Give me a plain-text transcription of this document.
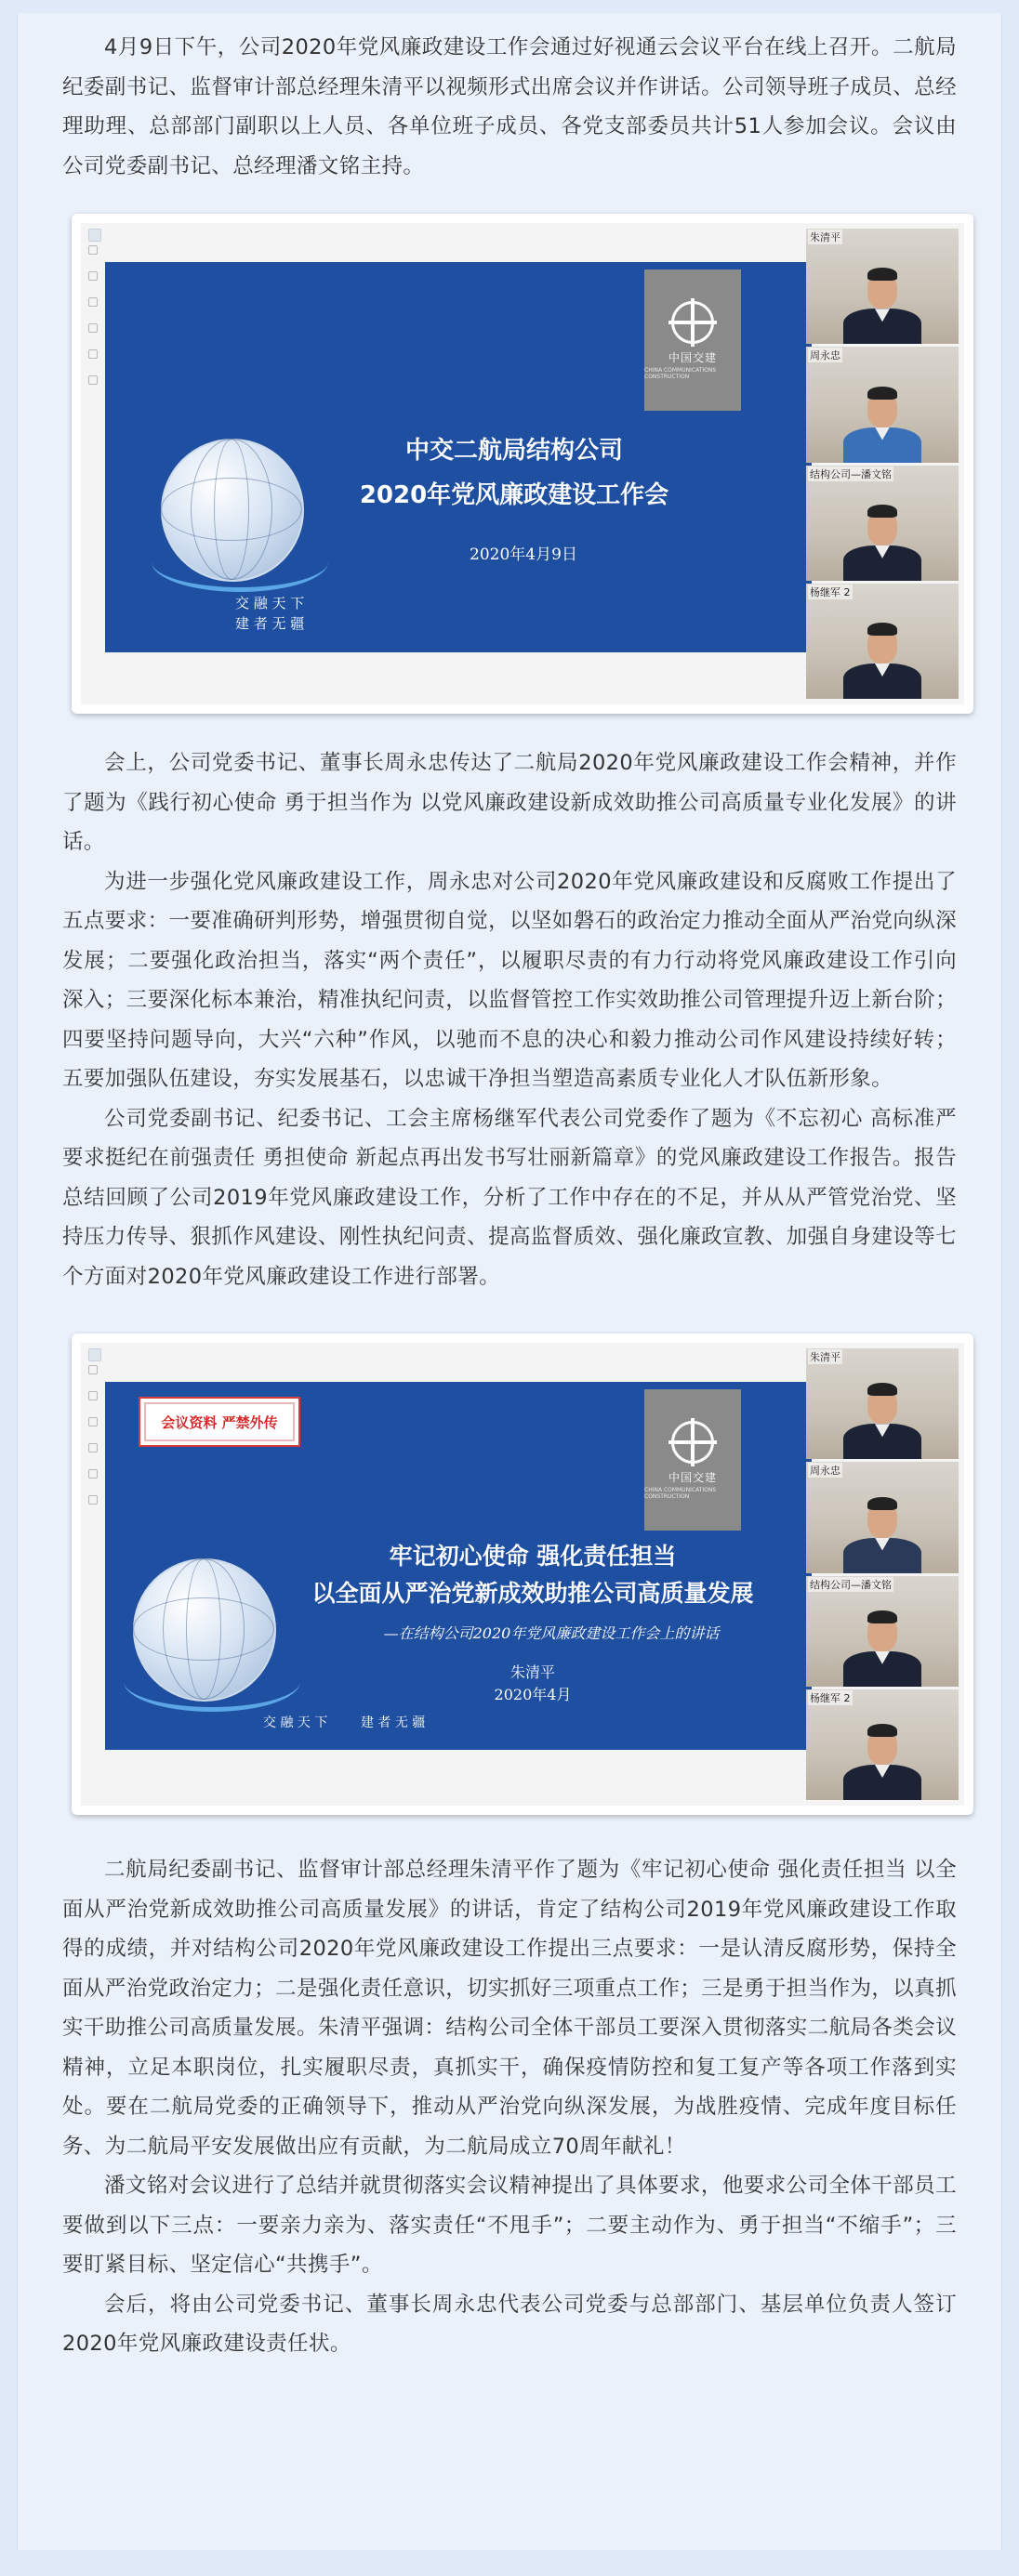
4月9日下午，公司2020年党风廉政建设工作会通过好视通云会议平台在线上召开。二航局纪委副书记、监督审计部总经理朱清平以视频形式出席会议并作讲话。公司领导班子成员、总经理助理、总部部门副职以上人员、各单位班子成员、各党支部委员共计51人参加会议。会议由公司党委副书记、总经理潘文铭主持。

中国交建
CHINA COMMUNICATIONS CONSTRUCTION
中交二航局结构公司
2020年党风廉政建设工作会
2020年4月9日
交 融 天 下
建 者 无 疆
朱清平
周永忠
结构公司—潘文铭
杨继军 2

会上，公司党委书记、董事长周永忠传达了二航局2020年党风廉政建设工作会精神，并作了题为《践行初心使命 勇于担当作为 以党风廉政建设新成效助推公司高质量专业化发展》的讲话。

为进一步强化党风廉政建设工作，周永忠对公司2020年党风廉政建设和反腐败工作提出了五点要求：一要准确研判形势，增强贯彻自觉，以坚如磐石的政治定力推动全面从严治党向纵深发展；二要强化政治担当，落实“两个责任”，以履职尽责的有力行动将党风廉政建设工作引向深入；三要深化标本兼治，精准执纪问责，以监督管控工作实效助推公司管理提升迈上新台阶；四要坚持问题导向，大兴“六种”作风，以驰而不息的决心和毅力推动公司作风建设持续好转；五要加强队伍建设，夯实发展基石，以忠诚干净担当塑造高素质专业化人才队伍新形象。

公司党委副书记、纪委书记、工会主席杨继军代表公司党委作了题为《不忘初心 高标准严要求挺纪在前强责任 勇担使命 新起点再出发书写壮丽新篇章》的党风廉政建设工作报告。报告总结回顾了公司2019年党风廉政建设工作，分析了工作中存在的不足，并从从严管党治党、坚持压力传导、狠抓作风建设、刚性执纪问责、提高监督质效、强化廉政宣教、加强自身建设等七个方面对2020年党风廉政建设工作进行部署。

会议资料 严禁外传
中国交建
CHINA COMMUNICATIONS CONSTRUCTION
牢记初心使命 强化责任担当
以全面从严治党新成效助推公司高质量发展
—在结构公司2020年党风廉政建设工作会上的讲话
朱清平
2020年4月
交 融 天 下        建 者 无 疆
朱清平
周永忠
结构公司—潘文铭
杨继军 2

二航局纪委副书记、监督审计部总经理朱清平作了题为《牢记初心使命 强化责任担当 以全面从严治党新成效助推公司高质量发展》的讲话，肯定了结构公司2019年党风廉政建设工作取得的成绩，并对结构公司2020年党风廉政建设工作提出三点要求：一是认清反腐形势，保持全面从严治党政治定力；二是强化责任意识，切实抓好三项重点工作；三是勇于担当作为，以真抓实干助推公司高质量发展。朱清平强调：结构公司全体干部员工要深入贯彻落实二航局各类会议精神，立足本职岗位，扎实履职尽责，真抓实干，确保疫情防控和复工复产等各项工作落到实处。要在二航局党委的正确领导下，推动从严治党向纵深发展，为战胜疫情、完成年度目标任务、为二航局平安发展做出应有贡献，为二航局成立70周年献礼！

潘文铭对会议进行了总结并就贯彻落实会议精神提出了具体要求，他要求公司全体干部员工要做到以下三点：一要亲力亲为、落实责任“不甩手”；二要主动作为、勇于担当“不缩手”；三要盯紧目标、坚定信心“共携手”。

会后，将由公司党委书记、董事长周永忠代表公司党委与总部部门、基层单位负责人签订2020年党风廉政建设责任状。
